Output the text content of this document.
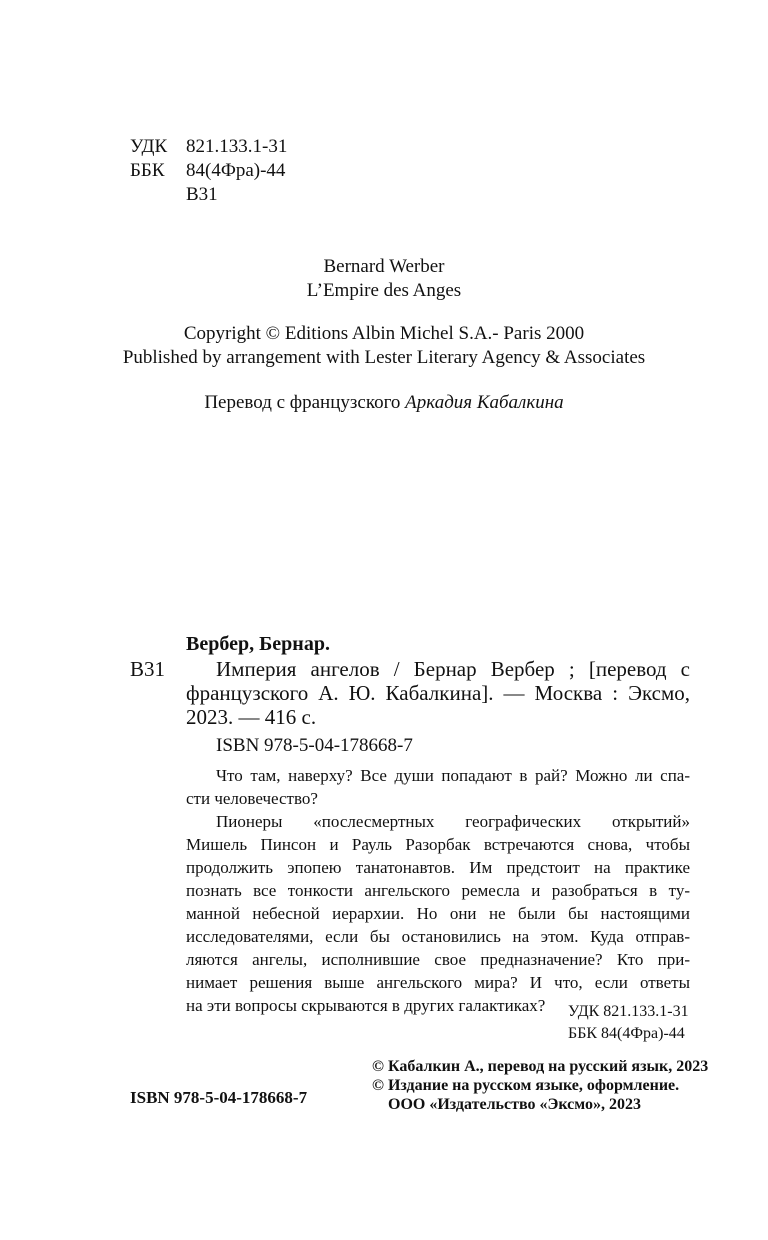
УДК 821.133.1-31
ББК 84(4Фра)-44
В31
Bernard Werber
L’Empire des Anges
Copyright © Editions Albin Michel S.A.- Paris 2000
Published by arrangement with Lester Literary Agency & Associates
Перевод с французского Аркадия Кабалкина
Вербер, Бернар.
В31 Империя ангелов / Бернар Вербер ; [перевод с
французского А. Ю. Кабалкина]. — Москва : Эксмо,
2023. — 416 с.
ISBN 978-5-04-178668-7
Что там, наверху? Все души попадают в рай? Можно ли спа-
сти человечество?
Пионеры «послесмертных географических открытий»
Мишель Пинсон и Рауль Разорбак встречаются снова, чтобы
продолжить эпопею танатонавтов. Им предстоит на практике
познать все тонкости ангельского ремесла и разобраться в ту-
манной небесной иерархии. Но они не были бы настоящими
исследователями, если бы остановились на этом. Куда отправ-
ляются ангелы, исполнившие свое предназначение? Кто при-
нимает решения выше ангельского мира? И что, если ответы
на эти вопросы скрываются в других галактиках? УДК 821.133.1-31
ББК 84(4Фра)-44
ISBN 978-5-04-178668-7
© Кабалкин А., перевод на русский язык, 2023
© Издание на русском языке, оформление.
ООО «Издательство «Эксмо», 2023
